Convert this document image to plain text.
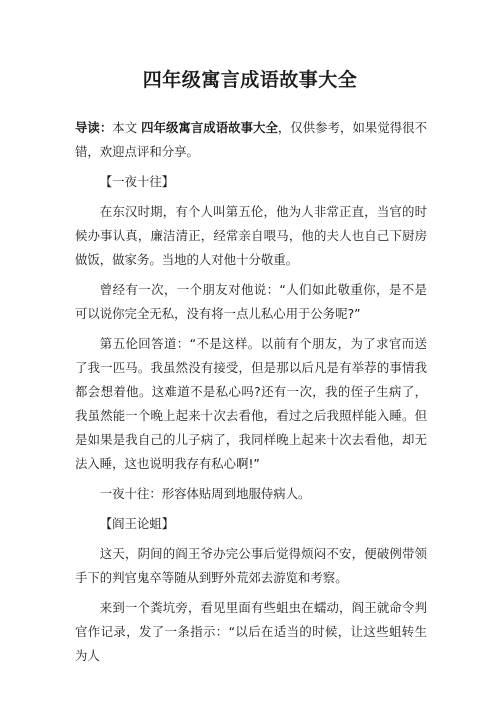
四年级寓言成语故事大全

导读：本文 四年级寓言成语故事大全，仅供参考，如果觉得很不错，欢迎点评和分享。

【一夜十往】

在东汉时期，有个人叫第五伦，他为人非常正直，当官的时候办事认真，廉洁清正，经常亲自喂马，他的夫人也自己下厨房做饭，做家务。当地的人对他十分敬重。

曾经有一次，一个朋友对他说：“人们如此敬重你，是不是可以说你完全无私，没有将一点儿私心用于公务呢?”

第五伦回答道：“不是这样。以前有个朋友，为了求官而送了我一匹马。我虽然没有接受，但是那以后凡是有举荐的事情我都会想着他。这难道不是私心吗?还有一次，我的侄子生病了，我虽然能一个晚上起来十次去看他，看过之后我照样能入睡。但是如果是我自己的儿子病了，我同样晚上起来十次去看他，却无法入睡，这也说明我存有私心啊!”

一夜十往：形容体贴周到地服侍病人。

【阎王论蛆】

这天，阴间的阎王爷办完公事后觉得烦闷不安，便破例带领手下的判官鬼卒等随从到野外荒郊去游览和考察。

来到一个粪坑旁，看见里面有些蛆虫在蠕动，阎王就命令判官作记录，发了一条指示：“以后在适当的时候，让这些蛆转生为人
